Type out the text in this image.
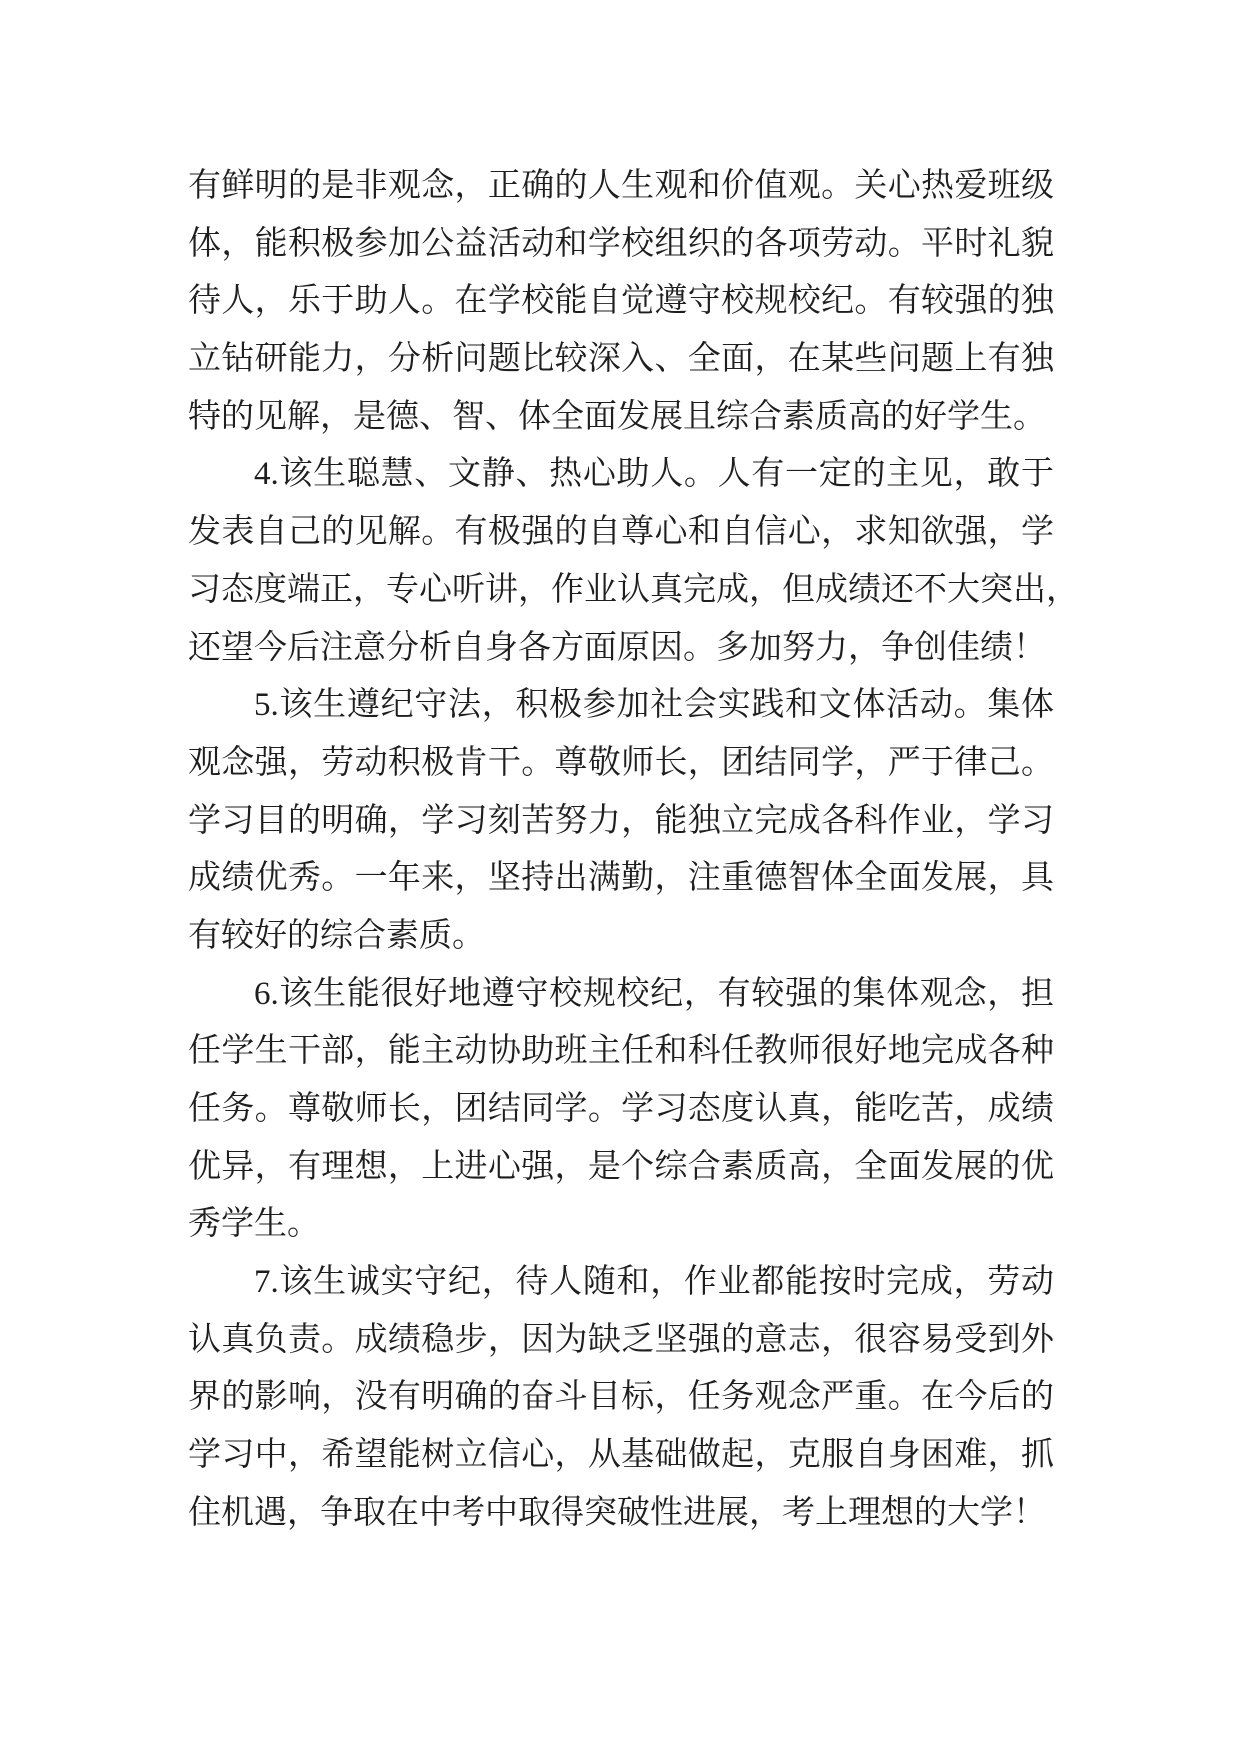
有鲜明的是非观念，正确的人生观和价值观。关心热爱班级
体，能积极参加公益活动和学校组织的各项劳动。平时礼貌
待人，乐于助人。在学校能自觉遵守校规校纪。有较强的独
立钻研能力，分析问题比较深入、全面，在某些问题上有独
特的见解，是德、智、体全面发展且综合素质高的好学生。
4.该生聪慧、文静、热心助人。人有一定的主见，敢于
发表自己的见解。有极强的自尊心和自信心，求知欲强，学
习态度端正，专心听讲，作业认真完成，但成绩还不大突出，
还望今后注意分析自身各方面原因。多加努力，争创佳绩！
5.该生遵纪守法，积极参加社会实践和文体活动。集体
观念强，劳动积极肯干。尊敬师长，团结同学，严于律己。
学习目的明确，学习刻苦努力，能独立完成各科作业，学习
成绩优秀。一年来，坚持出满勤，注重德智体全面发展，具
有较好的综合素质。
6.该生能很好地遵守校规校纪，有较强的集体观念，担
任学生干部，能主动协助班主任和科任教师很好地完成各种
任务。尊敬师长，团结同学。学习态度认真，能吃苦，成绩
优异，有理想，上进心强，是个综合素质高，全面发展的优
秀学生。
7.该生诚实守纪，待人随和，作业都能按时完成，劳动
认真负责。成绩稳步，因为缺乏坚强的意志，很容易受到外
界的影响，没有明确的奋斗目标，任务观念严重。在今后的
学习中，希望能树立信心，从基础做起，克服自身困难，抓
住机遇，争取在中考中取得突破性进展，考上理想的大学！
